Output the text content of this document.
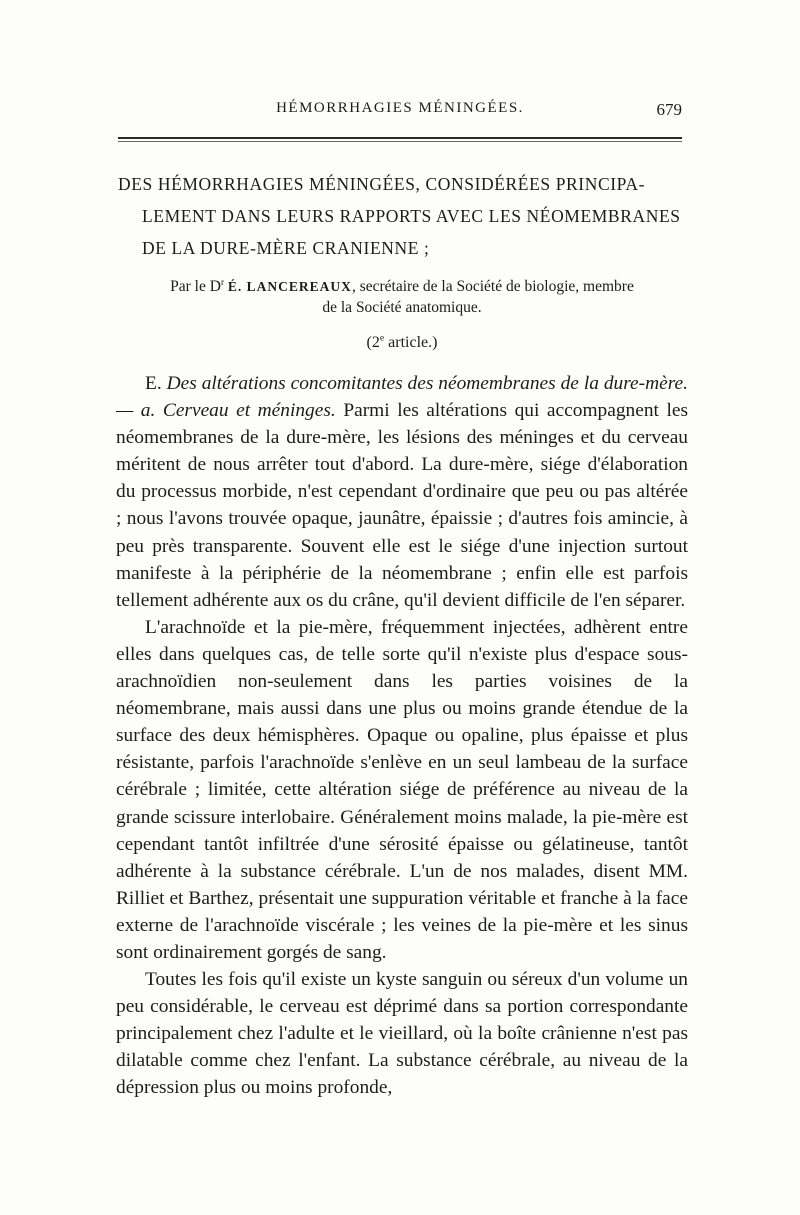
HÉMORRHAGIES MÉNINGÉES.	679
DES HÉMORRHAGIES MÉNINGÉES, CONSIDÉRÉES PRINCIPA-
LEMENT DANS LEURS RAPPORTS AVEC LES NÉOMEMBRANES
DE LA DURE-MÈRE CRANIENNE ;
Par le $D^r$ É. LANCEREAUX, secrétaire de la Société de biologie, membre
de la Société anatomique.
(2e article.)

E. Des altérations concomitantes des néomembranes de la dure-mère. — a. Cerveau et méninges. Parmi les altérations qui accompagnent les néomembranes de la dure-mère, les lésions des méninges et du cerveau méritent de nous arrêter tout d'abord. La dure-mère, siége d'élaboration du processus morbide, n'est cependant d'ordinaire que peu ou pas altérée ; nous l'avons trouvée opaque, jaunâtre, épaissie ; d'autres fois amincie, à peu près transparente. Souvent elle est le siége d'une injection surtout manifeste à la périphérie de la néomembrane ; enfin elle est parfois tellement adhérente aux os du crâne, qu'il devient difficile de l'en séparer.

L'arachnoïde et la pie-mère, fréquemment injectées, adhèrent entre elles dans quelques cas, de telle sorte qu'il n'existe plus d'espace sous-arachnoïdien non-seulement dans les parties voisines de la néomembrane, mais aussi dans une plus ou moins grande étendue de la surface des deux hémisphères. Opaque ou opaline, plus épaisse et plus résistante, parfois l'arachnoïde s'enlève en un seul lambeau de la surface cérébrale ; limitée, cette altération siége de préférence au niveau de la grande scissure interlobaire. Généralement moins malade, la pie-mère est cependant tantôt infiltrée d'une sérosité épaisse ou gélatineuse, tantôt adhérente à la substance cérébrale. L'un de nos malades, disent MM. Rilliet et Barthez, présentait une suppuration véritable et franche à la face externe de l'arachnoïde viscérale ; les veines de la pie-mère et les sinus sont ordinairement gorgés de sang.

Toutes les fois qu'il existe un kyste sanguin ou séreux d'un volume un peu considérable, le cerveau est déprimé dans sa portion correspondante principalement chez l'adulte et le vieillard, où la boîte crânienne n'est pas dilatable comme chez l'enfant. La substance cérébrale, au niveau de la dépression plus ou moins profonde,
